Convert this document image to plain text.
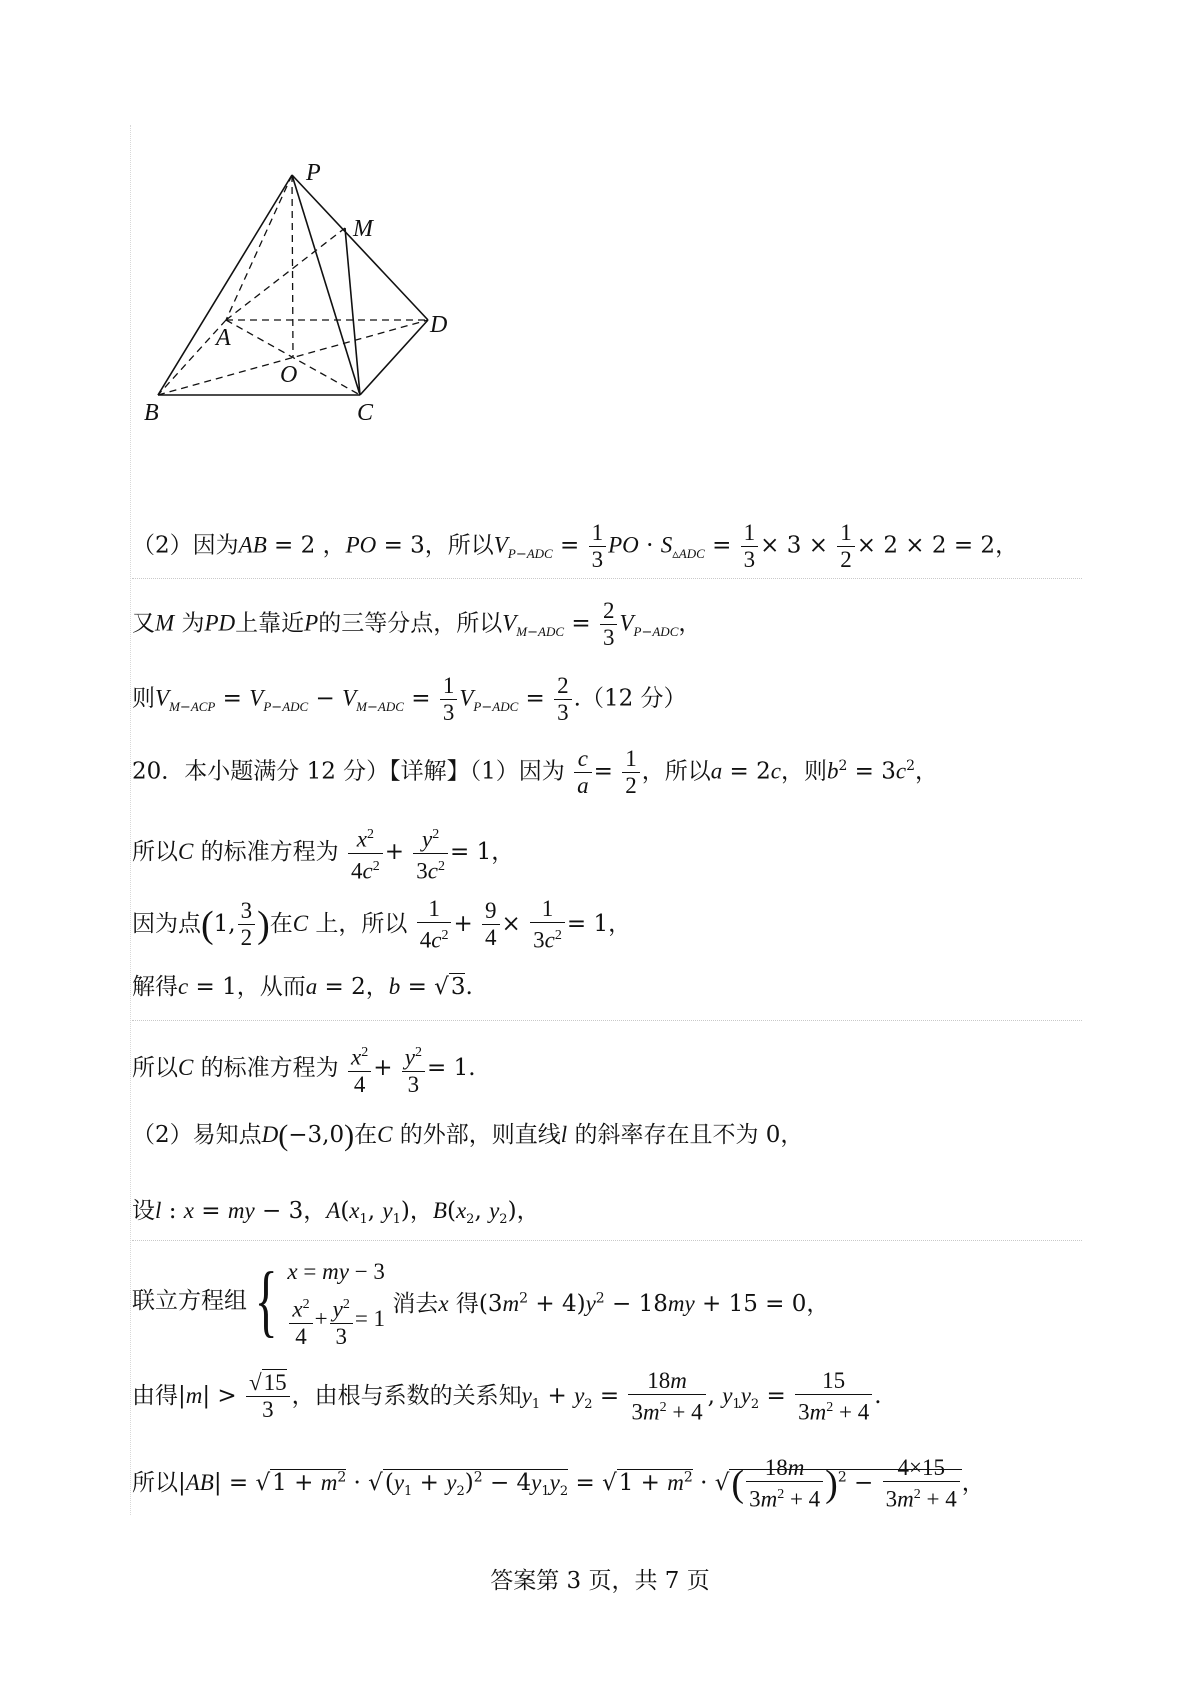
P
M
A	D
O
B	C
（2）因为AB = 2 ，PO = 3，所以$V_{P-ADC} = \frac{1}{3}$ PO · $S_{▵ADC} = \frac{1}{3} \times 3 \times \frac{1}{2} \times 2 \times 2 = 2$，
又M 为PD上靠近P的三等分点，所以$V_{M-ADC} = \frac{2}{3} V_{P-ADC}$，
则$V_{M-ACP} = V_{P-ADC} - V_{M-ADC} = \frac{1}{3} V_{P-ADC} = \frac{2}{3} .(12$ 分）
20．本小题满分 12 分）【详解】（1）因为 $\frac{c}{a} = \frac{1}{2}$ ，所以a = 2c，则$b^2 = 3c^2$，
所以C 的标准方程为 $\frac{x^2}{4c^2} + \frac{y^2}{3c^2} = 1$，
因为点(1, $\frac{3}{2}$ )在C 上，所以 $\frac{1}{4c^2} + \frac{9}{4} \times \frac{1}{3c^2} = 1$，
解得c = 1，从而a = 2，b = √3.
所以C 的标准方程为 $\frac{x^2}{4} + \frac{y^2}{3} = 1$.
（2）易知点D(−3,0)在C 的外部，则直线l 的斜率存在且不为 0，
设l : x = my − 3，$A(x_1$, $y_1$)，$B(x_2$, $y_2$)，
联立方程组{ x = my − 3
$\frac{x^2}{4} + \frac{y^2}{3} = 1$
消去x 得$(3m^2 + 4)y^2 - 18my + 15 = 0$，
由得$|m| > \frac{√15}{3}$ ，由根与系数的关系知$y_1 + y_2 = \frac{18m}{3m^2 + 4}$ , $y_1y_2 = \frac{15}{3m^2 + 4}$ .
所以$|AB| = √1 + m^2 \cdot √(y_1 + y_2)^2 - 4y_1y_2 = √1 + m^2$ · √( $\frac{18m}{3m^2 + 4} )^2 - \frac{4\times 15}{3m^2 + 4}$ ，
答案第 3 页，共 7 页
